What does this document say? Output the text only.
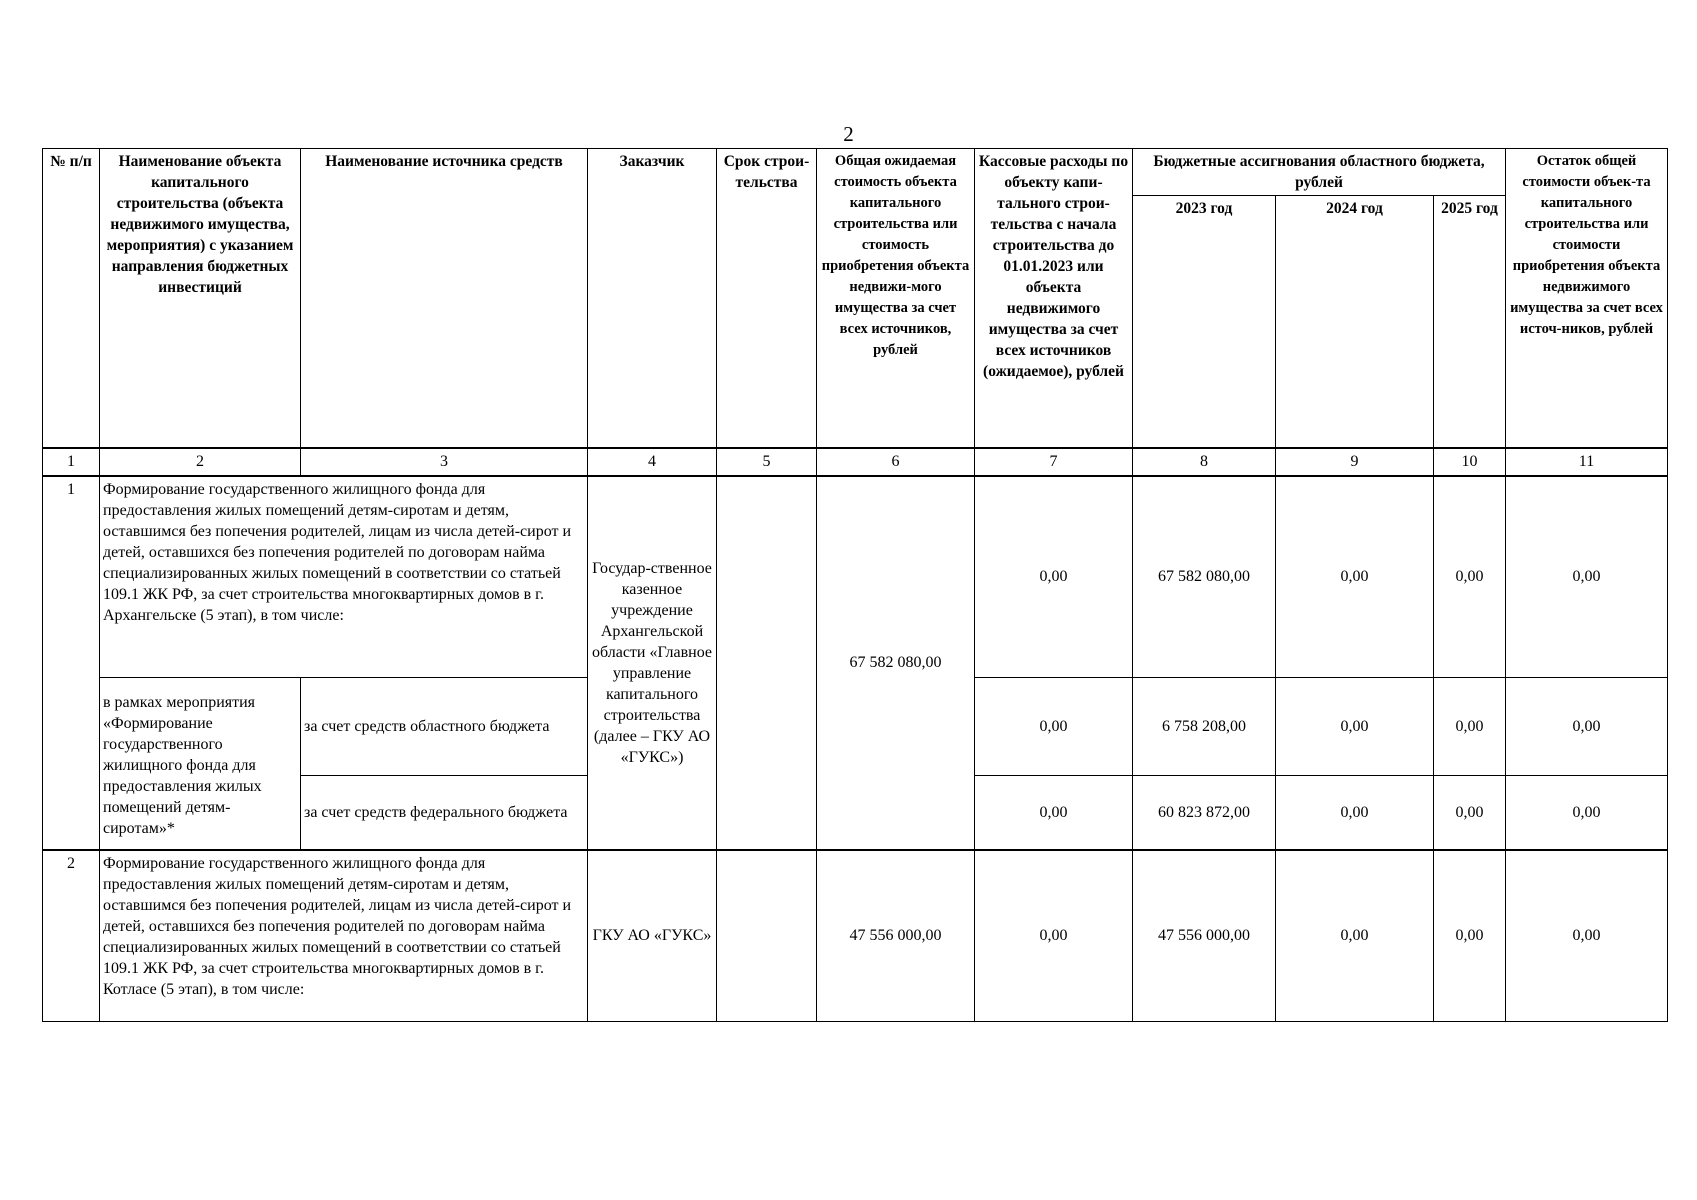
2
№ п/п	Наименование объекта капитального строительства (объекта недвижимого имущества, мероприятия) с указанием направления бюджетных инвестиций	Наименование источника средств	Заказчик	Срок строи-тельства	Общая ожидаемая стоимость объекта капитального строительства или стоимость приобретения объекта недвижи-мого имущества за счет всех источников, рублей	Кассовые расходы по объекту капи-тального строи-тельства с начала строительства до 01.01.2023 или объекта недвижимого имущества за счет всех источников (ожидаемое), рублей	Бюджетные ассигнования областного бюджета, рублей			Остаток общей стоимости объек-та капитального строительства или стоимости приобретения объекта недвижимого имущества за счет всех источ-ников, рублей
							2023 год	2024 год	2025 год	
1	2	3	4	5	6	7	8	9	10	11
1	Формирование государственного жилищного фонда для предоставления жилых помещений детям-сиротам и детям, оставшимся без попечения родителей, лицам из числа детей-сирот и детей, оставшихся без попечения родителей по договорам найма специализированных жилых помещений в соответствии со статьей 109.1 ЖК РФ, за счет строительства многоквартирных домов в г. Архангельске (5 этап), в том числе:		Государ-ственное казенное учреждение Архангельской области «Главное управление капитального строительства (далее – ГКУ АО «ГУКС»)		67 582 080,00	0,00	67 582 080,00	0,00	0,00	0,00
	в рамках мероприятия «Формирование государственного жилищного фонда для предоставления жилых помещений детям-сиротам»*	за счет средств областного бюджета				0,00	6 758 208,00	0,00	0,00	0,00
		за счет средств федерального бюджета				0,00	60 823 872,00	0,00	0,00	0,00
2	Формирование государственного жилищного фонда для предоставления жилых помещений детям-сиротам и детям, оставшимся без попечения родителей, лицам из числа детей-сирот и детей, оставшихся без попечения родителей по договорам найма специализированных жилых помещений в соответствии со статьей 109.1 ЖК РФ, за счет строительства многоквартирных домов в г. Котласе (5 этап), в том числе:		ГКУ АО «ГУКС»		47 556 000,00	0,00	47 556 000,00	0,00	0,00	0,00
